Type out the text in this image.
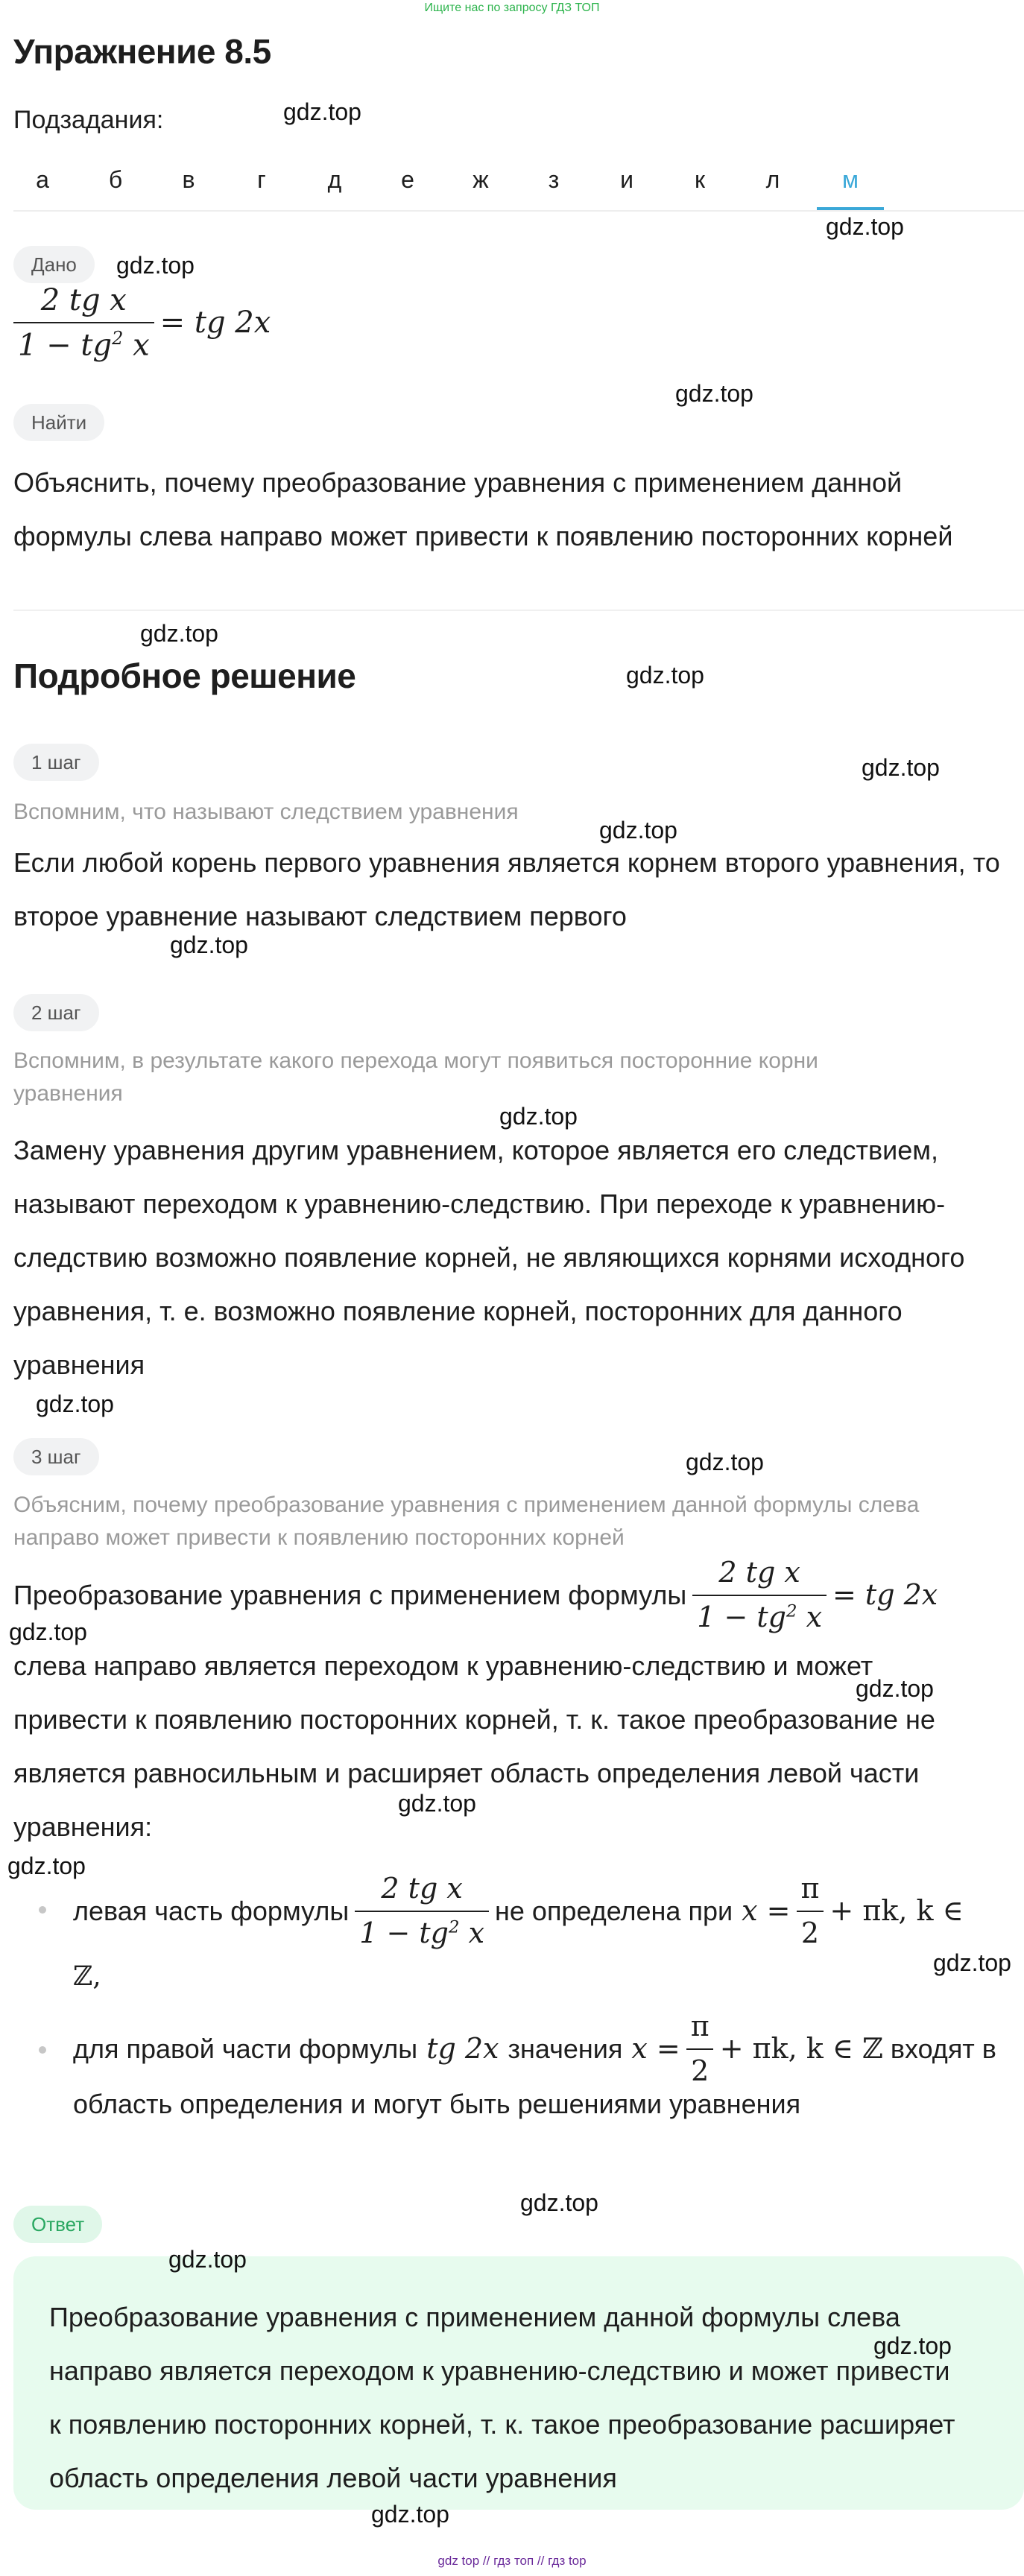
Ищите нас по запросу ГДЗ ТОП
Упражнение 8.5
Подзадания:
а	б	в	г	д	е	ж	з	и	к	л	м
Дано
$\frac{\text{2 tg x}}{1 - tg^2 x}$ = tg 2x
Найти
Объяснить, почему преобразование уравнения с применением данной
формулы слева направо может привести к появлению посторонних корней
Подробное решение
1 шаг
Вспомним, что называют следствием уравнения
Если любой корень первого уравнения является корнем второго уравнения, то
второе уравнение называют следствием первого
2 шаг
Вспомним, в результате какого перехода могут появиться посторонние корни
уравнения
Замену уравнения другим уравнением, которое является его следствием,
называют переходом к уравнению-следствию. При переходе к уравнению-
следствию возможно появление корней, не являющихся корнями исходного
уравнения, т. е. возможно появление корней, посторонних для данного
уравнения
3 шаг
Объясним, почему преобразование уравнения с применением данной формулы слева
направо может привести к появлению посторонних корней
Преобразование уравнения с применением формулы $\frac{\text{2 tg x}}{1 - tg^2 x}$ = tg 2x
слева направо является переходом к уравнению-следствию и может
привести к появлению посторонних корней, т. к. такое преобразование не
является равносильным и расширяет область определения левой части
уравнения:
левая часть формулы $\frac{\text{2 tg x}}{1 - tg^2 x}$ не определена при $x = \frac{\pi}{2} + \pi k$, k ∈
ℤ,
для правой части формулы tg 2x значения $x = \frac{\pi}{2} + \pi k$, k ∈ ℤ входят в
область определения и могут быть решениями уравнения
Ответ
Преобразование уравнения с применением данной формулы слева
направо является переходом к уравнению-следствию и может привести
к появлению посторонних корней, т. к. такое преобразование расширяет
область определения левой части уравнения
gdz.top
gdz.top
gdz.top
gdz.top
gdz.top
gdz.top
gdz.top
gdz.top
gdz.top
gdz.top
gdz.top
gdz.top
gdz.top
gdz.top
gdz.top
gdz.top
gdz.top
gdz.top
gdz.top
gdz.top
gdz.top
gdz top // гдз топ // гдз top
